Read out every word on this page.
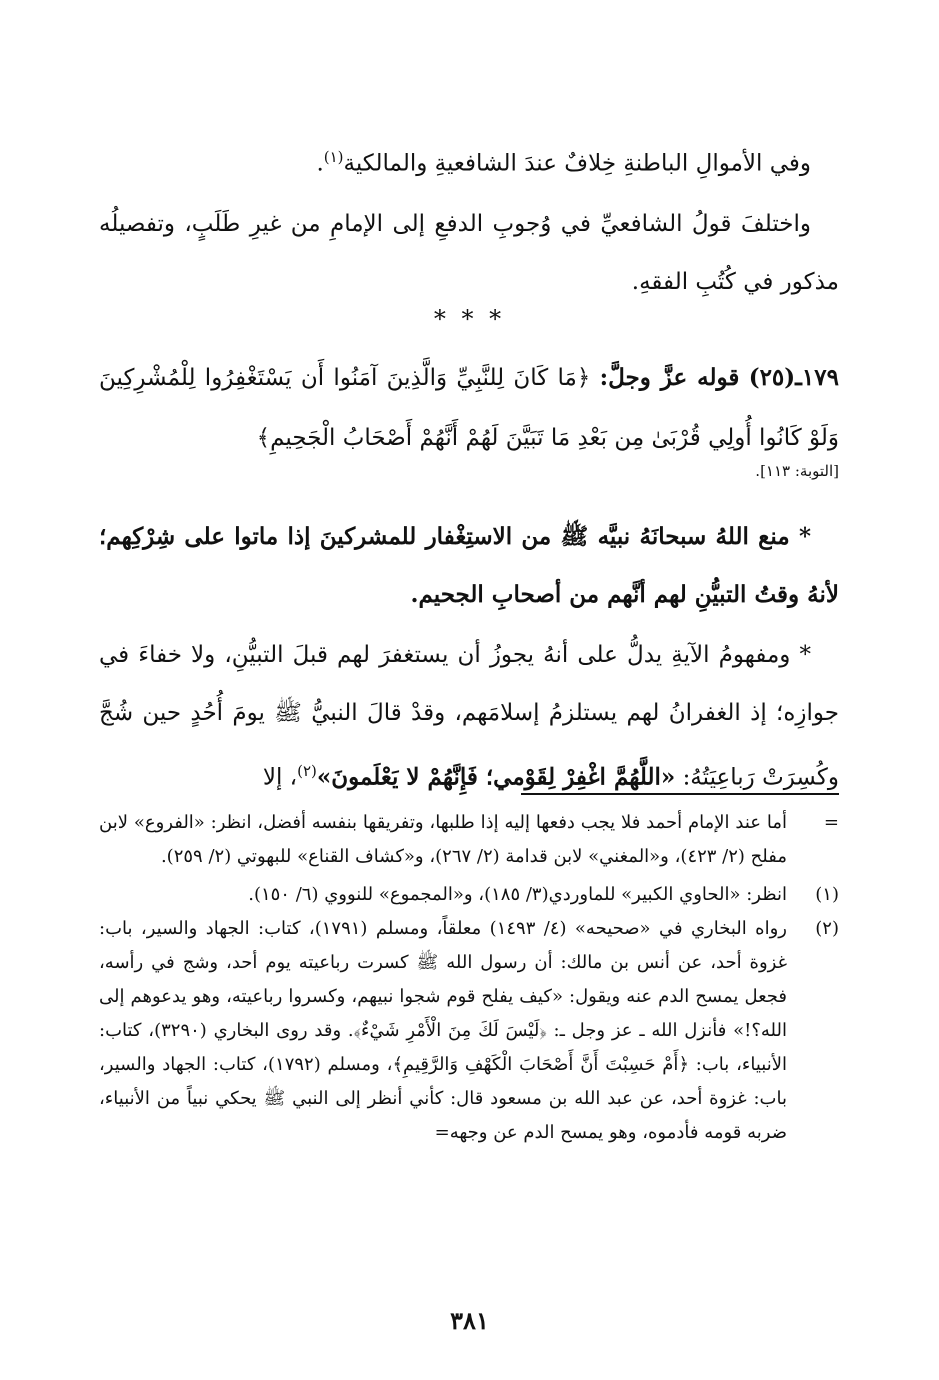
وفي الأموالِ الباطنةِ خِلافٌ عندَ الشافعيةِ والمالكية$^{(١)}$.

واختلفَ قولُ الشافعيِّ في وُجوبِ الدفعِ إلى الإمامِ من غيرِ طَلَبٍ، وتفصيلُه مذكور في كُتُبِ الفقهِ.

* * *

١٧٩ـ(٢٥) قوله عزَّ وجلَّ: ﴿مَا كَانَ لِلنَّبِيِّ وَالَّذِينَ آمَنُوا أَن يَسْتَغْفِرُوا لِلْمُشْرِكِينَ وَلَوْ كَانُوا أُولِي قُرْبَىٰ مِن بَعْدِ مَا تَبَيَّنَ لَهُمْ أَنَّهُمْ أَصْحَابُ الْجَحِيمِ﴾

[التوبة: ١١٣].

* منع اللهُ سبحانَهُ نبيَّه ﷺ من الاستِغْفار للمشركينَ إذا ماتوا على شِرْكِهم؛ لأنهُ وقتُ التبيُّنِ لهم أنَّهم من أصحابِ الجحيم.

* ومفهومُ الآيةِ يدلُّ على أنهُ يجوزُ أن يستغفرَ لهم قبلَ التبيُّنِ، ولا خفاءَ في جوازِه؛ إذ الغفرانُ لهم يستلزمُ إسلامَهم، وقدْ قالَ النبيُّ ﷺ يومَ أُحُدٍ حين شُجَّ وكُسِرَتْ رَباعِيَتُهُ: «اللَّهُمَّ اغْفِرْ لِقَوْمي؛ فَإِنَّهُمْ لا يَعْلَمونَ»$^{(٢)}$، إلا

=
أما عند الإمام أحمد فلا يجب دفعها إليه إذا طلبها، وتفريقها بنفسه أفضل، انظر: «الفروع» لابن مفلح (٢/ ٤٢٣)، و«المغني» لابن قدامة (٢/ ٢٦٧)، و«كشاف القناع» للبهوتي (٢/ ٢٥٩).
(١)
انظر: «الحاوي الكبير» للماوردي(٣/ ١٨٥)، و«المجموع» للنووي (٦/ ١٥٠).
(٢)
رواه البخاري في «صحيحه» (٤/ ١٤٩٣) معلقاً، ومسلم (١٧٩١)، كتاب: الجهاد والسير، باب: غزوة أحد، عن أنس بن مالك: أن رسول الله ﷺ كسرت رباعيته يوم أحد، وشج في رأسه، فجعل يمسح الدم عنه ويقول: «كيف يفلح قوم شجوا نبيهم، وكسروا رباعيته، وهو يدعوهم إلى الله؟!» فأنزل الله ـ عز وجل ـ: ﴿لَيْسَ لَكَ مِنَ الْأَمْرِ شَيْءٌ﴾. وقد روى البخاري (٣٢٩٠)، كتاب: الأنبياء، باب: ﴿أَمْ حَسِبْتَ أَنَّ أَصْحَابَ الْكَهْفِ وَالرَّقِيمِ﴾، ومسلم (١٧٩٢)، كتاب: الجهاد والسير، باب: غزوة أحد، عن عبد الله بن مسعود قال: كأني أنظر إلى النبي ﷺ يحكي نبياً من الأنبياء، ضربه قومه فأدموه، وهو يمسح الدم عن وجهه=
٣٨١
